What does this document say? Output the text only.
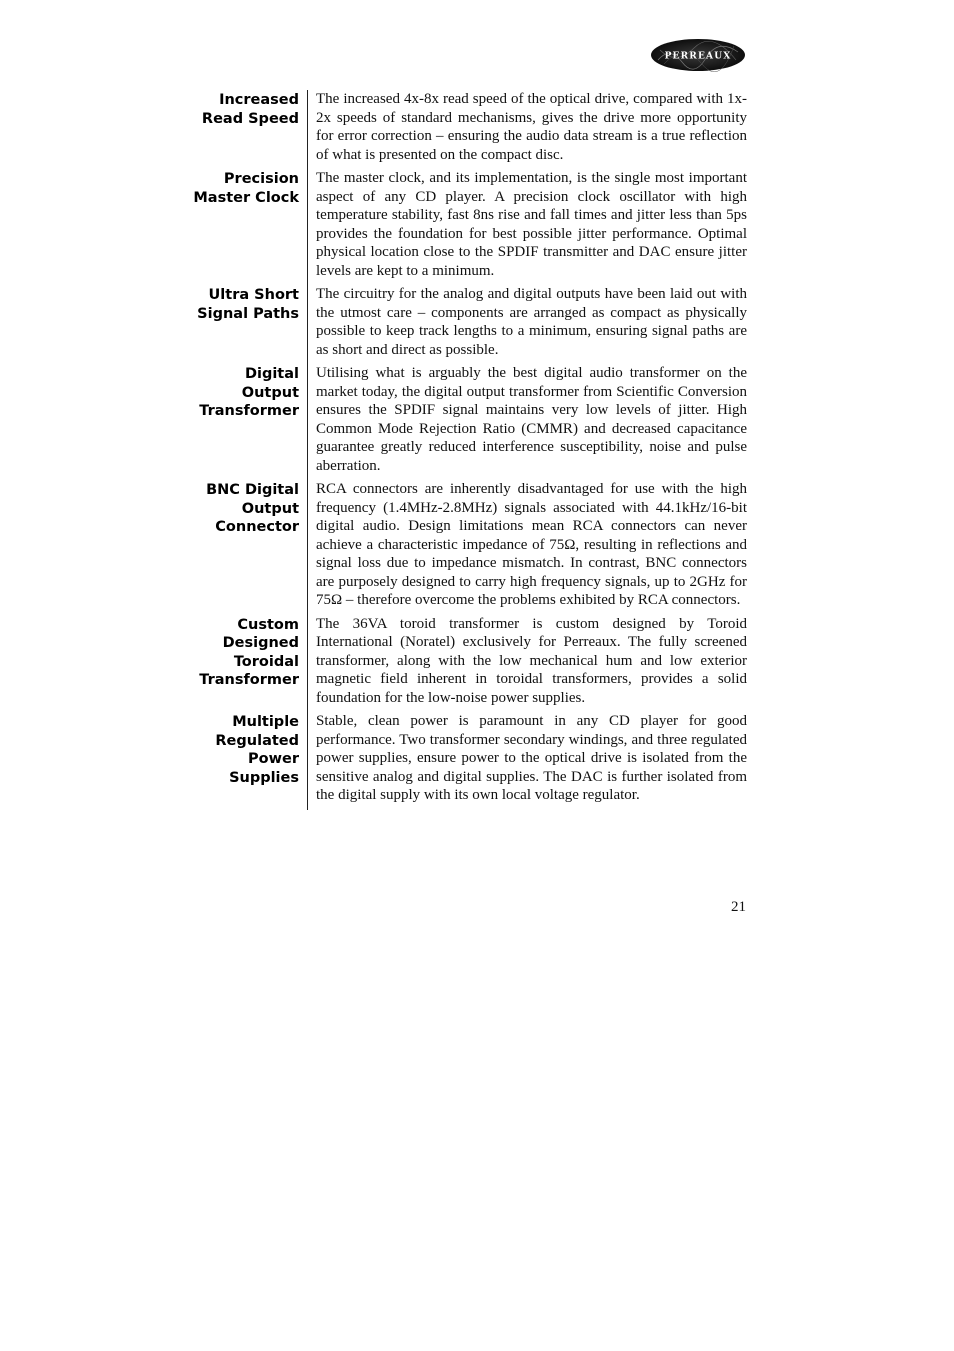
PERREAUX
Increased
Read Speed
The increased 4x-8x read speed of the optical drive, compared with 1x-2x speeds of standard mechanisms, gives the drive more opportunity for error correction – ensuring the audio data stream is a true reflection of what is presented on the compact disc.
Precision
Master Clock
The master clock, and its implementation, is the single most important aspect of any CD player. A precision clock oscillator with high temperature stability, fast 8ns rise and fall times and jitter less than 5ps provides the foundation for best possible jitter performance. Optimal physical location close to the SPDIF transmitter and DAC ensure jitter levels are kept to a minimum.
Ultra Short
Signal Paths
The circuitry for the analog and digital outputs have been laid out with the utmost care – components are arranged as compact as physically possible to keep track lengths to a minimum, ensuring signal paths are as short and direct as possible.
Digital
Output
Transformer
Utilising what is arguably the best digital audio transformer on the market today, the digital output transformer from Scientific Conversion ensures the SPDIF signal maintains very low levels of jitter. High Common Mode Rejection Ratio (CMMR) and decreased capacitance guarantee greatly reduced interference susceptibility, noise and pulse aberration.
BNC Digital
Output
Connector
RCA connectors are inherently disadvantaged for use with the high frequency (1.4MHz-2.8MHz) signals associated with 44.1kHz/16-bit digital audio. Design limitations mean RCA connectors can never achieve a characteristic impedance of 75Ω, resulting in reflections and signal loss due to impedance mismatch. In contrast, BNC connectors are purposely designed to carry high frequency signals, up to 2GHz for 75Ω – therefore overcome the problems exhibited by RCA connectors.
Custom
Designed
Toroidal
Transformer
The 36VA toroid transformer is custom designed by Toroid International (Noratel) exclusively for Perreaux. The fully screened transformer, along with the low mechanical hum and low exterior magnetic field inherent in toroidal transformers, provides a solid foundation for the low-noise power supplies.
Multiple
Regulated
Power
Supplies
Stable, clean power is paramount in any CD player for good performance. Two transformer secondary windings, and three regulated power supplies, ensure power to the optical drive is isolated from the sensitive analog and digital supplies. The DAC is further isolated from the digital supply with its own local voltage regulator.
21
